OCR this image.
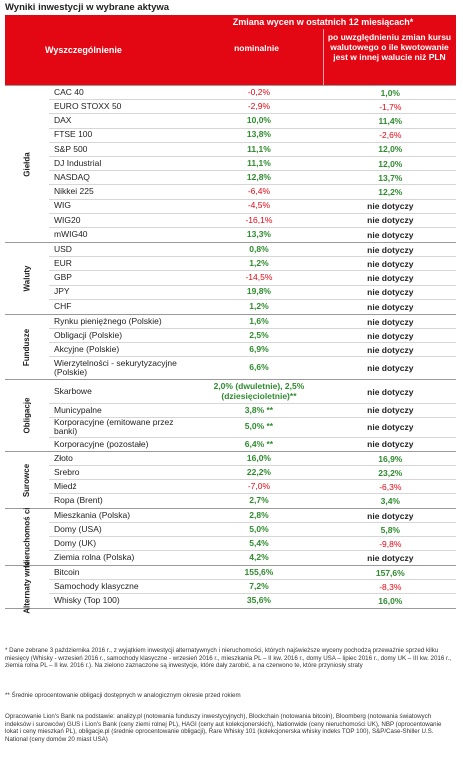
Wyniki inwestycji w wybrane aktywa
Wyszczególnienie
Zmiana wycen w ostatnich 12 miesiącach*
nominalnie
po uwzględnieniu zmian kursu walutowego o ile kwotowanie jest w innej walucie niż PLN
Giełda
CAC 40	-0,2%	1,0%
EURO STOXX 50	-2,9%	-1,7%
DAX	10,0%	11,4%
FTSE 100	13,8%	-2,6%
S&P 500	11,1%	12,0%
DJ Industrial	11,1%	12,0%
NASDAQ	12,8%	13,7%
Nikkei 225	-6,4%	12,2%
WIG	-4,5%	nie dotyczy
WIG20	-16,1%	nie dotyczy
mWIG40	13,3%	nie dotyczy
Waluty
USD	0,8%	nie dotyczy
EUR	1,2%	nie dotyczy
GBP	-14,5%	nie dotyczy
JPY	19,8%	nie dotyczy
CHF	1,2%	nie dotyczy
Fundusze
Rynku pieniężnego (Polskie)	1,6%	nie dotyczy
Obligacji (Polskie)	2,5%	nie dotyczy
Akcyjne (Polskie)	6,9%	nie dotyczy
Wierzytelności - sekurytyzacyjne (Polskie)	6,6%	nie dotyczy
Obligacje
Skarbowe	2,0% (dwuletnie), 2,5% (dziesięcioletnie)**	nie dotyczy
Municypalne	3,8% **	nie dotyczy
Korporacyjne (emitowane przez banki)	5,0% **	nie dotyczy
Korporacyjne (pozostałe)	6,4% **	nie dotyczy
Surowce
Złoto	16,0%	16,9%
Srebro	22,2%	23,2%
Miedź	-7,0%	-6,3%
Ropa (Brent)	2,7%	3,4%
Nieruchomoś ci	Mieszkania (Polska)	2,8%	nie dotyczy
Domy (USA)	5,0%	5,8%
Domy (UK)	5,4%	-9,8%
Ziemia rolna (Polska)	4,2%	nie dotyczy
Alternaty wne	Bitcoin	155,6%	157,6%
Samochody klasyczne	7,2%	-8,3%
Whisky (Top 100)	35,6%	16,0%
* Dane zebrane 3 października 2016 r., z wyjątkiem inwestycji alternatywnych i nieruchomości, których najświeższe wyceny pochodzą przeważnie sprzed kilku miesięcy (Whisky - wrzesień 2016 r., samochody klasyczne - wrzesień 2016 r., mieszkania PL – II kw. 2016 r., domy USA – lipiec 2016 r., domy UK – III kw. 2016 r., ziemia rolna PL – II kw. 2016 r.). Na zielono zaznaczone są inwestycje, które dały zarobić, a na czerwono te, które przyniosły straty
** Średnie oprocentowanie obligacji dostępnych w analogicznym okresie przed rokiem
Opracowanie Lion's Bank na podstawie: analizy.pl (notowania funduszy inwestycyjnych), Blockchain (notowania bitcoin), Bloomberg (notowania światowych indeksów i surowców) GUS i Lion's Bank (ceny ziemi rolnej PL), HAGI (ceny aut kolekcjonerskich), Nationwide (ceny nieruchomości UK), NBP (oprocentowanie lokat i ceny mieszkań PL), obligacje.pl (średnie oprocentowanie obligacji), Rare Whisky 101 (kolekcjonerska whisky indeks TOP 100), S&P/Case-Shiller U.S. National (ceny domów 20 miast USA)
